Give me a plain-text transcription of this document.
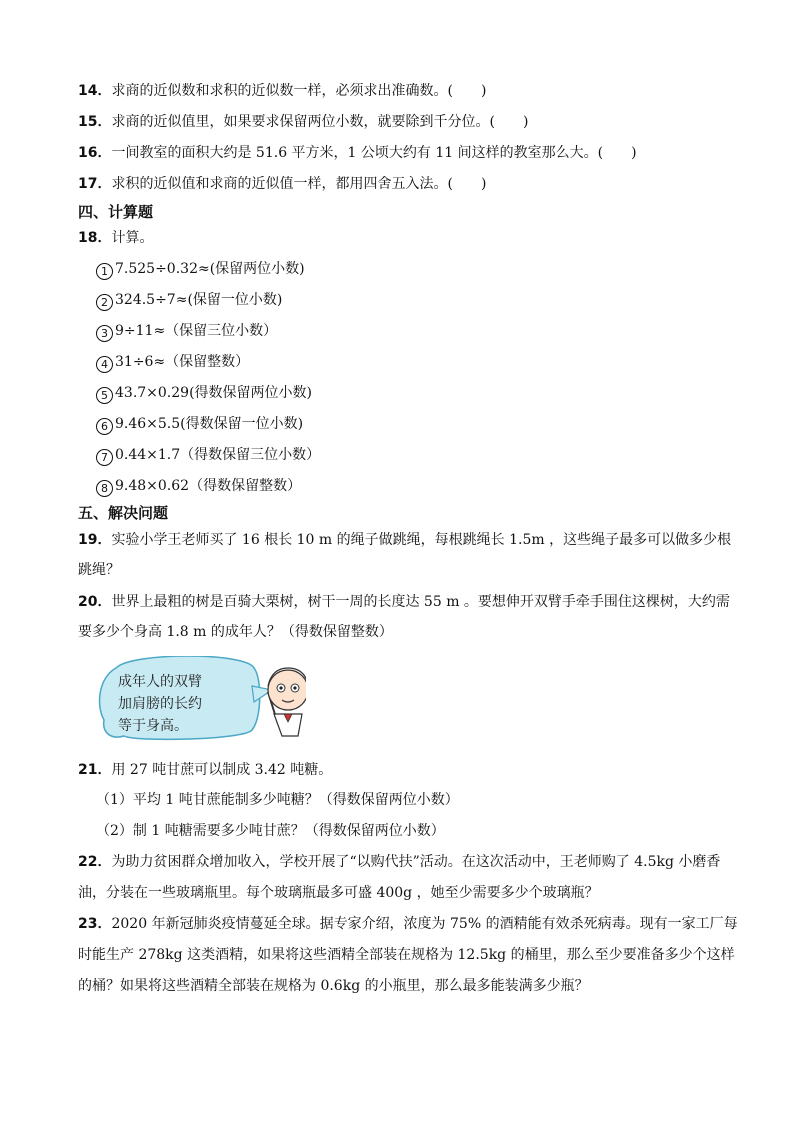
14．求商的近似数和求积的近似数一样，必须求出准确数。(　　)
15．求商的近似值里，如果要求保留两位小数，就要除到千分位。(　　)
16．一间教室的面积大约是 51.6 平方米，1 公顷大约有 11 间这样的教室那么大。(　　)
17．求积的近似值和求商的近似值一样，都用四舍五入法。(　　)
四、计算题
18．计算。
1 7.525÷0.32≈(保留两位小数)
2 324.5÷7≈(保留一位小数)
3 9÷11≈（保留三位小数）
4 31÷6≈（保留整数）
5 43.7×0.29(得数保留两位小数)
6 9.46×5.5(得数保留一位小数)
7 0.44×1.7（得数保留三位小数）
8 9.48×0.62（得数保留整数）
五、解决问题
19．实验小学王老师买了 16 根长 10 m 的绳子做跳绳，每根跳绳长 1.5m ，这些绳子最多可以做多少根
跳绳？
20．世界上最粗的树是百骑大栗树，树干一周的长度达 55 m 。要想伸开双臂手牵手围住这棵树，大约需
要多少个身高 1.8 m 的成年人？（得数保留整数）
成年人的双臂
加肩膀的长约
等于身高。
21．用 27 吨甘蔗可以制成 3.42 吨糖。
（1）平均 1 吨甘蔗能制多少吨糖？（得数保留两位小数）
（2）制 1 吨糖需要多少吨甘蔗？（得数保留两位小数）
22．为助力贫困群众增加收入，学校开展了“以购代扶”活动。在这次活动中，王老师购了 4.5kg 小磨香
油，分装在一些玻璃瓶里。每个玻璃瓶最多可盛 400g ，她至少需要多少个玻璃瓶？
23．2020 年新冠肺炎疫情蔓延全球。据专家介绍，浓度为 75% 的酒精能有效杀死病毒。现有一家工厂每
时能生产 278kg 这类酒精，如果将这些酒精全部装在规格为 12.5kg 的桶里，那么至少要准备多少个这样
的桶？如果将这些酒精全部装在规格为 0.6kg 的小瓶里，那么最多能装满多少瓶？
